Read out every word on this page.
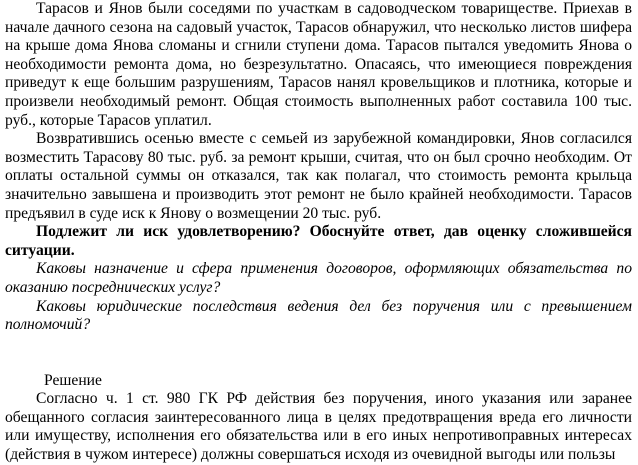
Тарасов и Янов были соседями по участкам в садоводческом товариществе. Приехав в начале дачного сезона на садовый участок, Тарасов обнаружил, что несколько листов шифера на крыше дома Янова сломаны и сгнили ступени дома. Тарасов пытался уведомить Янова о необходимости ремонта дома, но безрезультатно. Опасаясь, что имеющиеся повреждения приведут к еще большим разрушениям, Тарасов нанял кровельщиков и плотника, которые и произвели необходимый ремонт. Общая стоимость выполненных работ составила 100 тыс. руб., которые Тарасов уплатил.

Возвратившись осенью вместе с семьей из зарубежной командировки, Янов согласился возместить Тарасову 80 тыс. руб. за ремонт крыши, считая, что он был срочно необходим. От оплаты остальной суммы он отказался, так как полагал, что стоимость ремонта крыльца значительно завышена и производить этот ремонт не было крайней необходимости. Тарасов предъявил в суде иск к Янову о возмещении 20 тыс. руб.

Подлежит ли иск удовлетворению? Обоснуйте ответ, дав оценку сложившейся ситуации.

Каковы назначение и сфера применения договоров, оформляющих обязательства по оказанию посреднических услуг?

Каковы юридические последствия ведения дел без поручения или с превышением полномочий?

Решение

Согласно ч. 1 ст. 980 ГК РФ действия без поручения, иного указания или заранее обещанного согласия заинтересованного лица в целях предотвращения вреда его личности или имуществу, исполнения его обязательства или в его иных непротивоправных интересах (действия в чужом интересе) должны совершаться исходя из очевидной выгоды или пользы
